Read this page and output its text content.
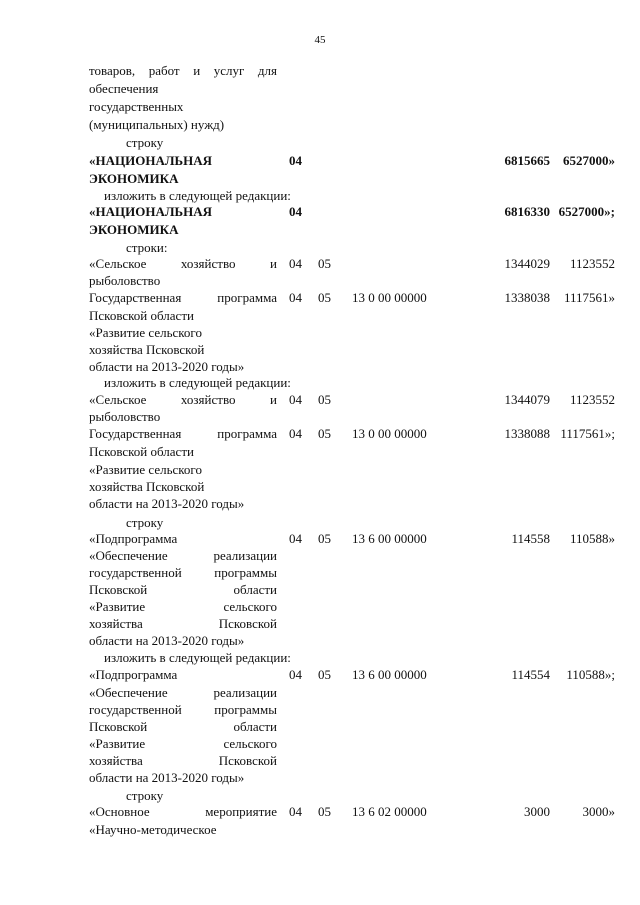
45
товаров, работ и услуг для
обеспечения
государственных
(муниципальных) нужд)
строку
«НАЦИОНАЛЬНАЯ	04	6815665 6527000»
ЭКОНОМИКА
изложить в следующей редакции:
«НАЦИОНАЛЬНАЯ	04	6816330 6527000»;
ЭКОНОМИКА
строки:
«Сельское хозяйство и 04 05	1344029 1123552
рыболовство
Государственная программа 04 05 13 0 00 00000	1338038 1117561»
Псковской области
«Развитие сельского
хозяйства Псковской
области на 2013-2020 годы»
изложить в следующей редакции:
«Сельское хозяйство и 04 05	1344079 1123552
рыболовство
Государственная программа 04 05 13 0 00 00000	1338088 1117561»;
Псковской области
«Развитие сельского
хозяйства Псковской
области на 2013-2020 годы»
строку
«Подпрограмма	04 05 13 6 00 00000	114558 110588»
«Обеспечение реализации
государственной программы
Псковской области
«Развитие сельского
хозяйства Псковской
области на 2013-2020 годы»
изложить в следующей редакции:
«Подпрограмма	04 05 13 6 00 00000	114554 110588»;
«Обеспечение реализации
государственной программы
Псковской области
«Развитие сельского
хозяйства Псковской
области на 2013-2020 годы»
строку
«Основное мероприятие 04 05 13 6 02 00000	3000	3000»
«Научно-методическое
